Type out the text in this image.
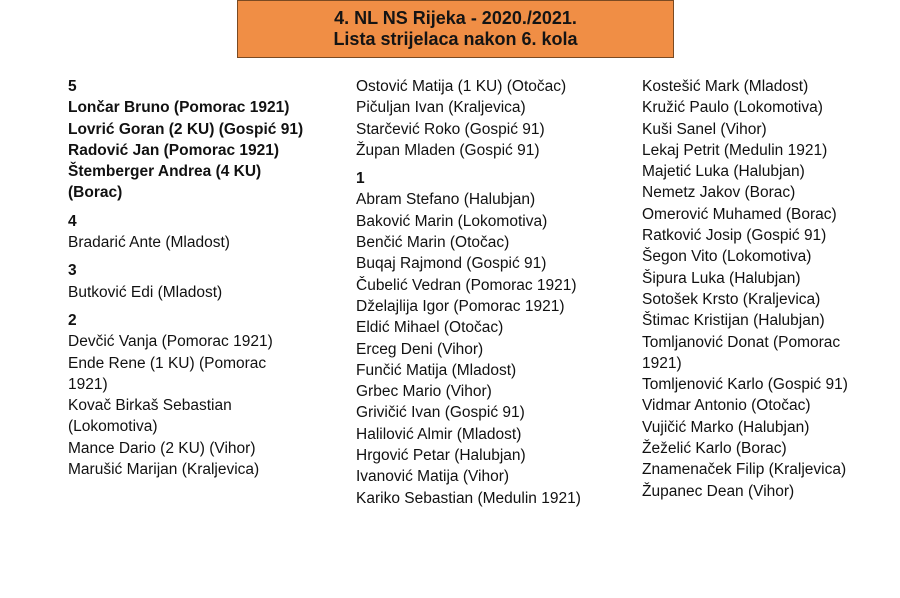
4. NL NS Rijeka - 2020./2021.
Lista strijelaca nakon 6. kola
5
Lončar Bruno (Pomorac 1921)
Lovrić Goran (2 KU) (Gospić 91)
Radović Jan (Pomorac 1921)
Štemberger Andrea (4 KU) (Borac)
4
Bradarić Ante (Mladost)
3
Butković Edi (Mladost)
2
Devčić Vanja (Pomorac 1921)
Ende Rene (1 KU) (Pomorac 1921)
Kovač Birkaš Sebastian (Lokomotiva)
Mance Dario (2 KU) (Vihor)
Marušić Marijan (Kraljevica)
Ostović Matija (1 KU) (Otočac)
Pičuljan Ivan (Kraljevica)
Starčević Roko (Gospić 91)
Župan Mladen (Gospić 91)
1
Abram Stefano (Halubjan)
Baković Marin (Lokomotiva)
Benčić Marin (Otočac)
Buqaj Rajmond (Gospić 91)
Čubelić Vedran (Pomorac 1921)
Dželajlija Igor (Pomorac 1921)
Eldić Mihael (Otočac)
Erceg Deni (Vihor)
Funčić Matija (Mladost)
Grbec Mario (Vihor)
Grivičić Ivan (Gospić 91)
Halilović Almir (Mladost)
Hrgović Petar (Halubjan)
Ivanović Matija (Vihor)
Kariko Sebastian (Medulin 1921)
Kostešić Mark (Mladost)
Kružić Paulo (Lokomotiva)
Kuši Sanel (Vihor)
Lekaj Petrit (Medulin 1921)
Majetić Luka (Halubjan)
Nemetz Jakov (Borac)
Omerović Muhamed (Borac)
Ratković Josip (Gospić 91)
Šegon Vito (Lokomotiva)
Šipura Luka (Halubjan)
Sotošek Krsto (Kraljevica)
Štimac Kristijan (Halubjan)
Tomljanović Donat (Pomorac 1921)
Tomljenović Karlo (Gospić 91)
Vidmar Antonio (Otočac)
Vujičić Marko (Halubjan)
Žeželić Karlo (Borac)
Znamenaček Filip (Kraljevica)
Županec Dean (Vihor)
